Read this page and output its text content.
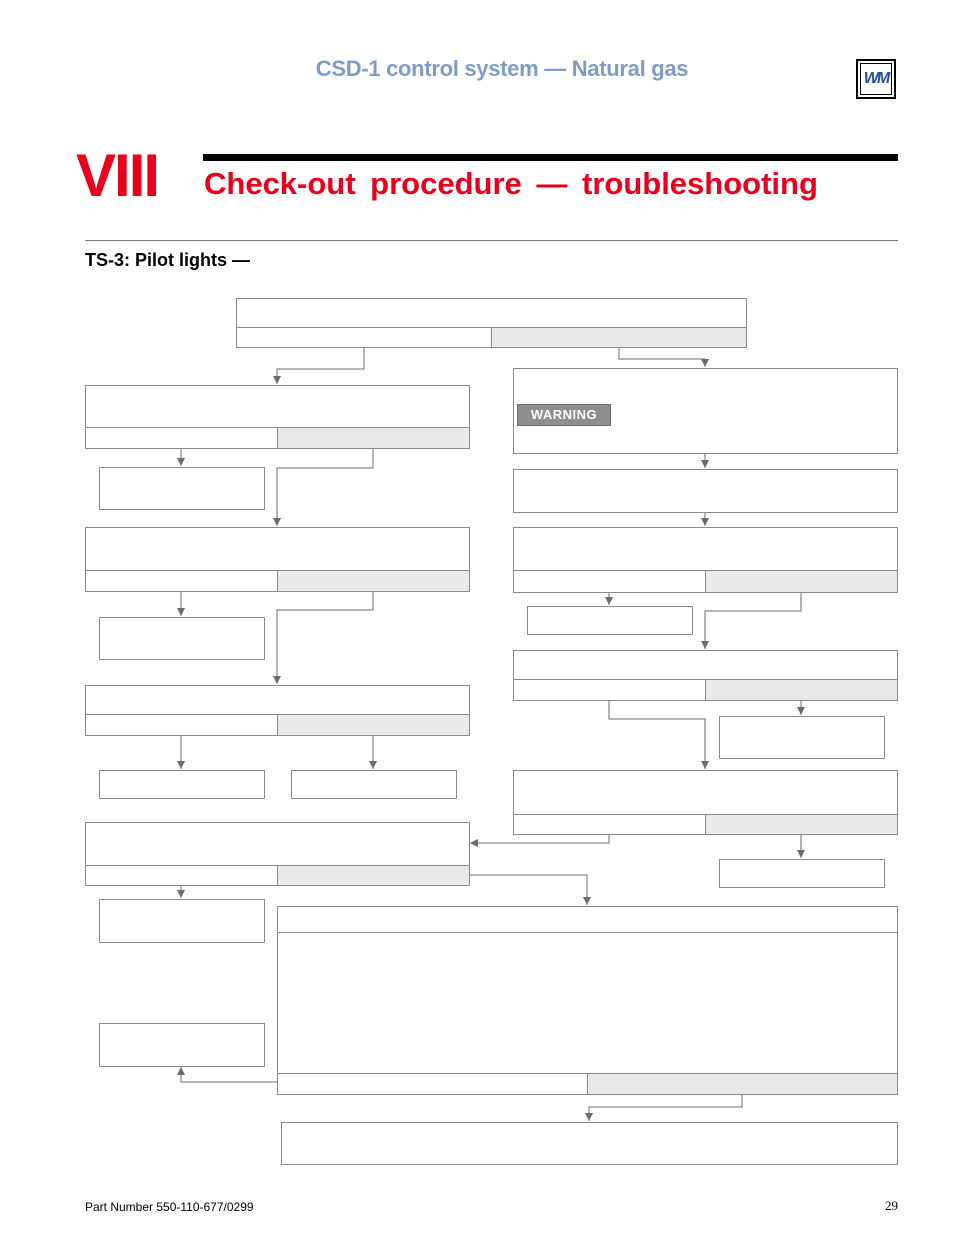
CSD-1 control system — Natural gas	WM
VIII Check-out procedure — troubleshooting
TS-3: Pilot lights —
WARNING
Part Number 550-110-677/0299	29
